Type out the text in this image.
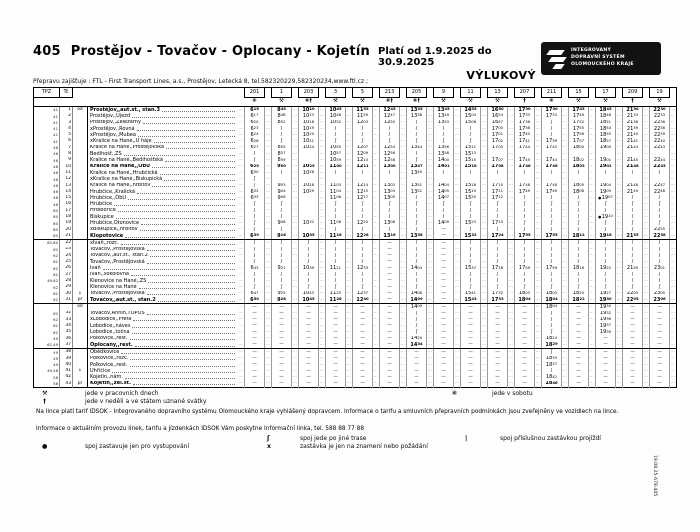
405 Prostějov - Tovačov - Oplocany - Kojetín Platí od 1.9.2025 do 30.9.2025
VÝLUKOVÝ
INTEGROVANÝ
DOPRAVNÍ SYSTÉM
OLOMOUCKÉHO KRAJE
Přepravu zajišťuje : FTL - First Transport Lines, a.s., Prostějov, Letecká 8, tel.582320229,582320234,www.ftl.cz ;
TPZ	Tč				201		1		203		3		5		213		205		9		11		13		207		211		15		17		209		19	
					⑥		⚒		⑥†		⚒		⚒		⑥†		⑥†		⚒		⚒		⚒		†		⑥		⚒		⚒		†		⚒	
41	1	od	Prostějov,,aut.st., stan.3	···	615	···	845	···	1010	···	1045	···	1155	···	1245	···	1335	···	1345	···	1455	···	1650	···	1730	···	1730	···	1745	···	1845	···	2130	···	2230	···
41	2		Prostějov,,Újezd	···	617	···	848	···	1013	···	1048	···	1159	···	1247	···	1338	···	1349	···	1504	···	1654	···	1733	···	1733	···	1749	···	1848	···	2133	···	2233	···
41	3		Prostějov,,Železárny	···	620	···	852	···	1016	···	1052	···	1203	···	1250	···	ʃ	···	1353	···	1508	···	1657	···	1736	···	ʃ	···	1752	···	1851	···	2136	···	2236	···
41	4		xProstějov,,Rovná	···	623	···	ʃ	···	1019	···	ʃ	···	ʃ	···	ʃ	···	ʃ	···	ʃ	···	ʃ	···	1700	···	1738	···	ʃ	···	1755	···	1854	···	2139	···	2238	···
41	5		xProstějov,,Mubea	···	624	···	ʃ	···	1020	···	ʃ	···	ʃ	···	ʃ	···	ʃ	···	ʃ	···	ʃ	···	1701	···	1740	···	ʃ	···	1756	···	1855	···	2140	···	2239	···
41	6		xKralice na Hané,,U háje	···	626	···	ʃ	···	1021	···	ʃ	···	ʃ	···	ʃ	···	ʃ	···	ʃ	···	ʃ	···	1702	···	1741	···	1739	···	1757	···	1857	···	2141	···	2240	···
46	7		Kralice na Hané,,Prostějovská	···	627	···	855	···	1024	···	1055	···	1207	···	1254	···	1344	···	1356	···	1511	···	1705	···	1744	···	1742	···	1800	···	1900	···	2144	···	2243	···
46	8		Bedihošť,,ZŠ	···	ʃ	···	857	···		···	1057	···	1209	···	1256	···	ʃ	···	1358	···	1513	···		···		···		···		···		···		···		···
46	9		Kralice na Hané,,Bedihošťská	···	ʃ	···	859	···		···	1059	···	1210	···	1258	···	ʃ	···	1400	···	1515	···	1707	···	1745	···	1744	···	1802	···	1901	···	2145	···	2244	···
46	10		Kralice na Hané,,ObÚ	···	629	···	900	···	1025	···	1100	···	1211	···	1300	···	1347	···	1401	···	1516	···	1708	···	1746	···	1746	···	1803	···	1902	···	2146	···	2245	···
46	11		Kralice na Hané,,Hrubčická	···	630	···	ʃ	···	1026	···	ʃ	···	ʃ	···	ʃ	···	1349	···	ʃ	···	ʃ	···	ʃ	···	ʃ	···	ʃ	···	ʃ	···	ʃ	···	ʃ	···	ʃ	···
46	12		xKralice na Hané,,Biskupická	···	ʃ	···		···		···		···		···		···		···		···		···		···		···		···		···		···		···		···
46	13		Kralice na Hané,,hřbitov	···	ʃ	···	903	···	1028	···	1103	···	1214	···	1302	···	1351	···	1404	···	1518	···	1710	···	1748	···	1748	···	1805	···	1904	···	2148	···	2247	···
46	14		Hrubčice,,Kralická	···	632	···	904	···	1029	···	1104	···	1215	···	1303	···	1352	···	1405	···	1519	···	1711	···	1749	···	1749	···	1806	···	1905	···	2149	···	2248	···
46	15		Hrubčice,,ObÚ	···	633	···	906	···		···	1106	···	1217	···	1305	···	ʃ	···	1407	···	1520	···	1712	···	ʃ	···	ʃ	···	ʃ	···	●1907	···	ʃ	···	ʃ	···
46	16		Hrubčice	···	ʃ	···	ʃ	···		···	ʃ	···	ʃ	···	ʃ	···	ʃ	···	ʃ	···	ʃ	···	ʃ	···	ʃ	···	ʃ	···	ʃ	···	ʃ	···	ʃ	···	ʃ	···
80	17		Hrdibořice	···	ʃ	···	ʃ	···		···	ʃ	···	ʃ	···	ʃ	···	ʃ	···	ʃ	···	ʃ	···	ʃ	···	ʃ	···	ʃ	···	ʃ	···	ʃ	···	ʃ	···	ʃ	···
80	18		Biskupice	···	ʃ	···	ʃ	···		···	ʃ	···	ʃ	···	ʃ	···	ʃ	···	ʃ	···	ʃ	···	ʃ	···	ʃ	···	ʃ	···	ʃ	···	●1910	···	ʃ	···	ʃ	···
80	19		Hrubčice,Otonovice	···	ʃ	···	908	···	1032	···	1108	···	1220	···	1308	···	ʃ	···	1409	···	1523	···	1715	···	ʃ	···	ʃ	···	ʃ	···	ʃ	···	ʃ	···	ʃ	···
80	20		xBiskupice,,hřbitov	···	ʃ	···	ʃ	···		···	ʃ	···	ʃ	···	ʃ	···	ʃ	···	—	···	ʃ	···	ʃ	···	ʃ	···	ʃ	···	ʃ	···	ʃ	···	ʃ	···	2255	···
80	21		Klopotovice	···	639	···	916	···	1035	···	1116	···	1228	···	1316	···	1358	···	—	···	1532	···	1724	···	1755	···	1755	···	1812	···	1918	···	2155	···	2258	···
62,80	22		xIvaň,,rozc.	···	ʃ	···	ʃ	···	ʃ	···	ʃ	···	ʃ	···	—	···	ʃ	···	—	···	ʃ	···	ʃ	···	ʃ	···	ʃ	···	ʃ	···	ʃ	···	ʃ	···	ʃ	···
62	23		Tovačov,,Prostějovská	···	ʃ	···	ʃ	···	ʃ	···	ʃ	···	ʃ	···	—	···	ʃ	···	—	···	ʃ	···	ʃ	···	ʃ	···	ʃ	···	ʃ	···	ʃ	···	ʃ	···	ʃ	···
62	24		Tovačov,,aut.st., stan.2	···	ʃ	···	ʃ	···	ʃ	···	ʃ	···	ʃ	···	—	···	ʃ	···	—	···	ʃ	···	ʃ	···	ʃ	···	ʃ	···	ʃ	···	ʃ	···	ʃ	···	ʃ	···
62	25		Tovačov,,Prostějovská	···	ʃ	···	ʃ	···	ʃ	···	ʃ	···	ʃ	···	—	···	ʃ	···	—	···	ʃ	···	ʃ	···	ʃ	···	ʃ	···	ʃ	···	ʃ	···	ʃ	···	ʃ	···
62	26		Ivaň	···	643	···	921	···	1039	···	1121	···	1233	···	—	···	1404	···	—	···	1537	···	1728	···	1759	···	1759	···	1816	···	1922	···	2159	···	2301	···
62	27		Ivaň,,sokolovna	···	ʃ	···	ʃ	···	ʃ	···	ʃ	···	ʃ	···	—	···	ʃ	···	—	···	ʃ	···	ʃ	···	ʃ	···	ʃ	···	ʃ	···	ʃ	···	ʃ	···	ʃ	···
49,62	28		Klenovice na Hané,,ZŠ	···	ʃ	···	ʃ	···	ʃ	···	ʃ	···	ʃ	···	—	···	ʃ	···	—	···	ʃ	···	ʃ	···	ʃ	···	ʃ	···	ʃ	···	ʃ	···	ʃ	···	ʃ	···
62	29		Klenovice na Hané	···	ʃ	···	ʃ	···	ʃ	···	ʃ	···	ʃ	···	—	···	ʃ	···	—	···	ʃ	···	ʃ	···	ʃ	···	ʃ	···	ʃ	···	ʃ	···	ʃ	···	ʃ	···
62	30	↓	Tovačov,,Prostějovská	···	647	···	925	···	1043	···	1125	···	1237	···	—	···	1408	···	—	···	1541	···	1732	···	1803	···	1803	···	1820	···	1927	···	2203	···	2305	···
62	31	př	Tovačov,,aut.st., stan.2	···	650	···	928	···	1045	···	1128	···	1240	···	—	···	1409	···	—	···	1543	···	1733	···	1804	···	1804	···	1822	···	1930	···	2205	···	2306	···
		od		···	—	···	—	···	—	···	—	···	—	···	—	···	1409	···	—	···	—	···	—	···	—	···	1804	···	—	···	1930	···	—	···	—	···
62	32		Tovačov,Annín,TOPOS	···	—	···	—	···	—	···	—	···	—	···	—	···	ʃ	···	—	···	—	···	—	···	—	···	ʃ	···	—	···	1932	···	—	···	—	···
62	33		xLobodice,,Prefa	···	—	···	—	···	—	···	—	···	—	···	—	···	ʃ	···	—	···	—	···	—	···	—	···	ʃ	···	—	···	1936	···	—	···	—	···
62	34		Lobodice,,náves	···	—	···	—	···	—	···	—	···	—	···	—	···	ʃ	···	—	···	—	···	—	···	—	···	ʃ	···	—	···	1937	···	—	···	—	···
62	35		Lobodice,,točna	···	—	···	—	···	—	···	—	···	—	···	—	···	ʃ	···	—	···	—	···	—	···	—	···	ʃ	···	—	···	1939	···	—	···	—	···
49	36		Polkovice,,rest.	···	—	···	—	···	—	···	—	···	—	···	—	···	1429	···	—	···	—	···	—	···	—	···	1824	···	—	···	—	···	—	···	—	···
62,49	37		Oplocany,,rest.	···	—	···	—	···	—	···	—	···	—	···	—	···	1434	···	—	···	—	···	—	···	—	···	1829	···	—	···	—	···	—	···	—	···
49	38		Obědkovice	···	—	···	—	···	—	···	—	···	—	···	—	···	—	···	—	···	—	···	—	···	—	···	ʃ	···	—	···	—	···	—	···	—	···
49	39		Polkovice,,rozc.	···	—	···	—	···	—	···	—	···	—	···	—	···	—	···	—	···	—	···	—	···	—	···	1833	···	—	···	—	···	—	···	—	···
49	40		Polkovice,,rest.	···	—	···	—	···	—	···	—	···	—	···	—	···	—	···	—	···	—	···	—	···	—	···	1837	···	—	···	—	···	—	···	—	···
49,58	41	↓	Uhřičice	···	—	···	—	···	—	···	—	···	—	···	—	···	—	···	—	···	—	···	—	···	—	···	ʃ	···	—	···	—	···	—	···	—	···
58	42		Kojetín,,nám.	···	—	···	—	···	—	···	—	···	—	···	—	···	—	···	—	···	—	···	—	···	—	···	1842	···	—	···	—	···	—	···	—	···
58	43	př	Kojetín,,žel.st.	···	—	···	—	···	—	···	—	···	—	···	—	···	—	···	—	···	—	···	—	···	—	···	1846	···	—	···	—	···	—	···	—	···
⚒	jede v pracovních dnech	⑥	jede v sobotu
†	jede v neděli a ve státem uznané svátky
Na lince platí tarif IDSOK - Integrovaného dopravního systému Olomouckého kraje vyhlášený dopravcem. Informace o tarifu a smluvních přepravních podmínkách jsou zveřejněny ve vozidlech na lince.
Informace o aktuálním provozu linek, tarifu a jízdenkách IDSOK Vám poskytne Informační linka, tel. 588 88 77 88
ʃ	spoj jede po jiné trase	|	spoj příslušnou zastávkou projíždí
●	spoj zastavuje jen pro vystupování	x	zastávka je jen na znamení nebo požádání
19.08.25-678-405
